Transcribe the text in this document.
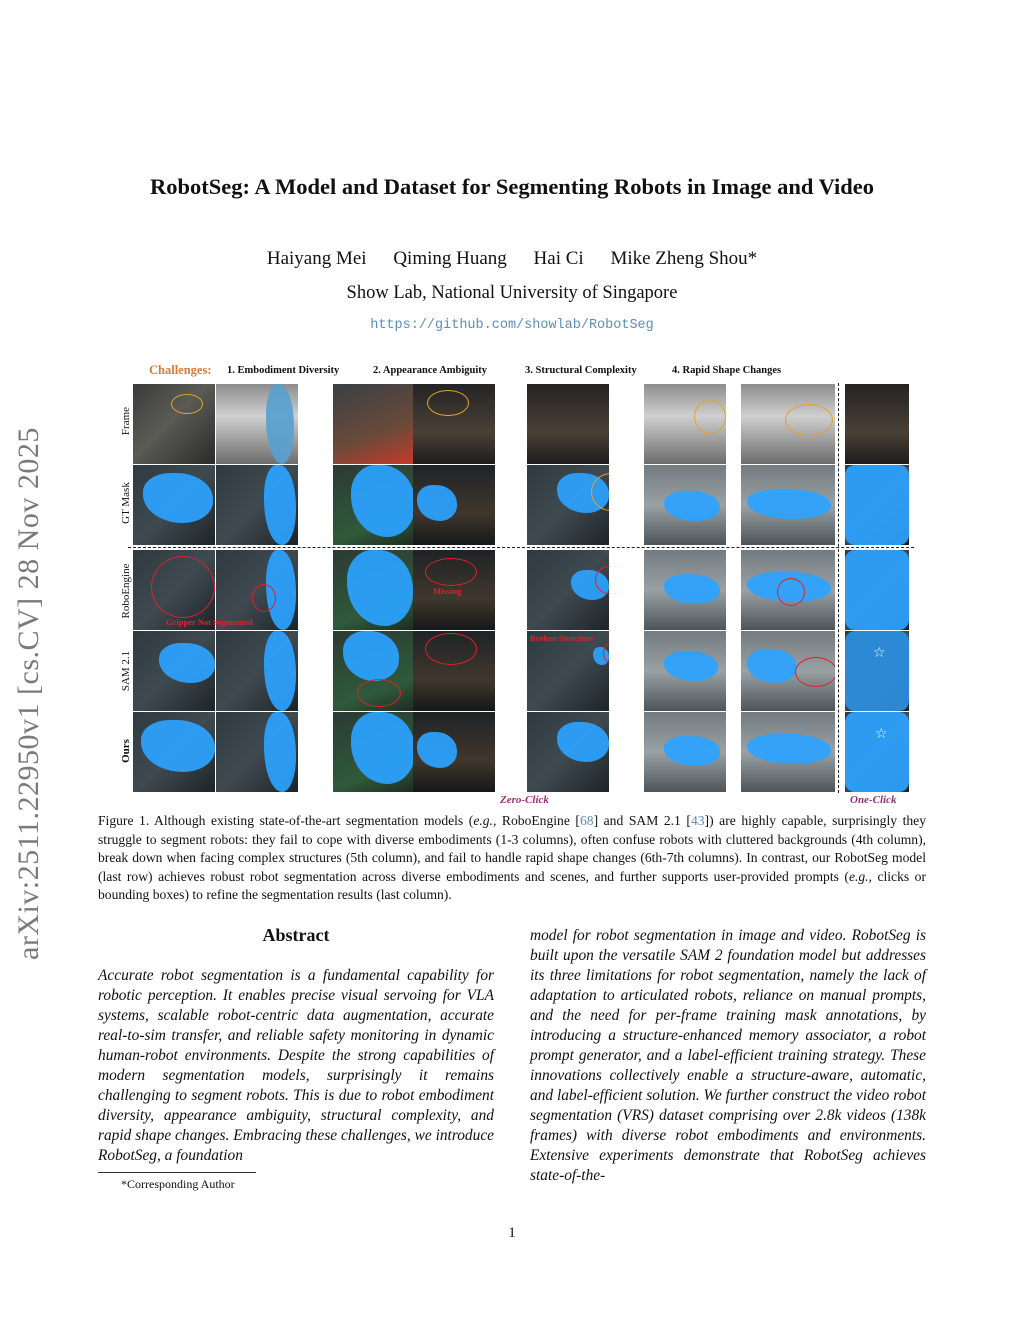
arXiv:2511.22950v1 [cs.CV] 28 Nov 2025
RobotSeg: A Model and Dataset for Segmenting Robots in Image and Video
Haiyang Mei Qiming Huang Hai Ci Mike Zheng Shou*
Show Lab, National University of Singapore
https://github.com/showlab/RobotSeg
Challenges: 1. Embodiment Diversity	2. Appearance Ambiguity	3. Structural Complexity	4. Rapid Shape Changes
Frame
GT Mask
RoboEngine
SAM 2.1
Ours
Gripper Not Segmented
Missing
☆
Broken Structure
☆
Zero-Click	One-Click
Figure 1. Although existing state-of-the-art segmentation models (e.g., RoboEngine [68] and SAM 2.1 [43]) are highly capable, surprisingly they struggle to segment robots: they fail to cope with diverse embodiments (1-3 columns), often confuse robots with cluttered backgrounds (4th column), break down when facing complex structures (5th column), and fail to handle rapid shape changes (6th-7th columns). In contrast, our RobotSeg model (last row) achieves robust robot segmentation across diverse embodiments and scenes, and further supports user-provided prompts (e.g., clicks or bounding boxes) to refine the segmentation results (last column).
Abstract
Accurate robot segmentation is a fundamental capability for robotic perception. It enables precise visual servoing for VLA systems, scalable robot-centric data augmentation, accurate real-to-sim transfer, and reliable safety monitoring in dynamic human-robot environments. Despite the strong capabilities of modern segmentation models, surprisingly it remains challenging to segment robots. This is due to robot embodiment diversity, appearance ambiguity, structural complexity, and rapid shape changes. Embracing these challenges, we introduce RobotSeg, a foundation
model for robot segmentation in image and video. RobotSeg is built upon the versatile SAM 2 foundation model but addresses its three limitations for robot segmentation, namely the lack of adaptation to articulated robots, reliance on manual prompts, and the need for per-frame training mask annotations, by introducing a structure-enhanced memory associator, a robot prompt generator, and a label-efficient training strategy. These innovations collectively enable a structure-aware, automatic, and label-efficient solution. We further construct the video robot segmentation (VRS) dataset comprising over 2.8k videos (138k frames) with diverse robot embodiments and environments. Extensive experiments demonstrate that RobotSeg achieves state-of-the-
*Corresponding Author
1
